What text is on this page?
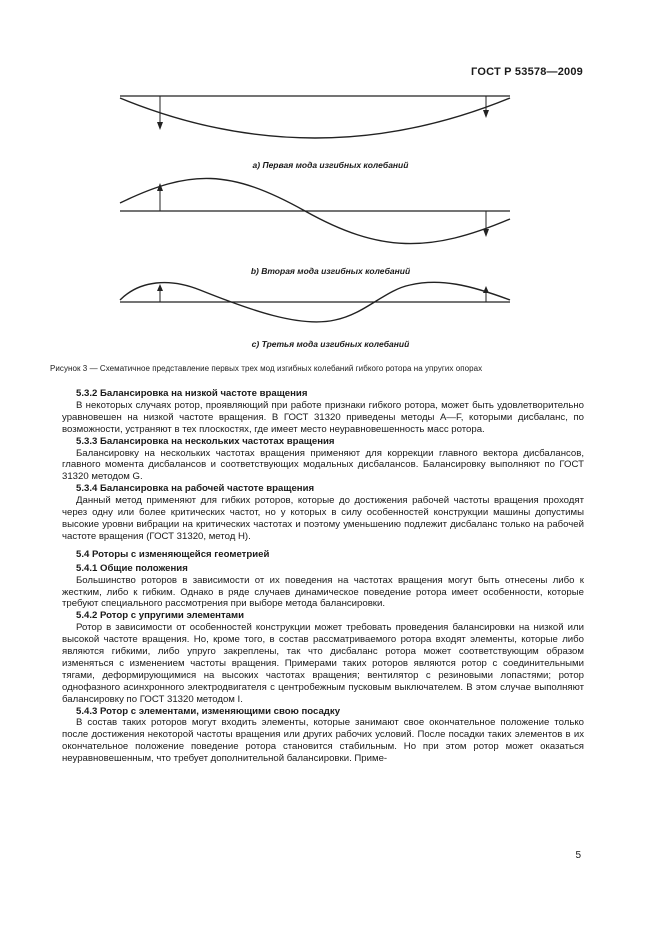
ГОСТ Р 53578—2009
а) Первая мода изгибных колебаний
b) Вторая мода изгибных колебаний
с) Третья мода изгибных колебаний
Рисунок 3 — Схематичное представление первых трех мод изгибных колебаний гибкого ротора на упругих опорах
5.3.2 Балансировка на низкой частоте вращения

В некоторых случаях ротор, проявляющий при работе признаки гибкого ротора, может быть удовлетворительно уравновешен на низкой частоте вращения. В ГОСТ 31320 приведены методы А—F, которыми дисбаланс, по возможности, устраняют в тех плоскостях, где имеет место неуравновешенность масс ротора.

5.3.3 Балансировка на нескольких частотах вращения

Балансировку на нескольких частотах вращения применяют для коррекции главного вектора дисбалансов, главного момента дисбалансов и соответствующих модальных дисбалансов. Балансировку выполняют по ГОСТ 31320 методом G.

5.3.4 Балансировка на рабочей частоте вращения

Данный метод применяют для гибких роторов, которые до достижения рабочей частоты вращения проходят через одну или более критических частот, но у которых в силу особенностей конструкции машины допустимы высокие уровни вибрации на критических частотах и поэтому уменьшению подлежит дисбаланс только на рабочей частоте вращения (ГОСТ 31320, метод Н).

5.4 Роторы с изменяющейся геометрией
5.4.1 Общие положения

Большинство роторов в зависимости от их поведения на частотах вращения могут быть отнесены либо к жестким, либо к гибким. Однако в ряде случаев динамическое поведение ротора имеет особенности, которые требуют специального рассмотрения при выборе метода балансировки.

5.4.2 Ротор с упругими элементами

Ротор в зависимости от особенностей конструкции может требовать проведения балансировки на низкой или высокой частоте вращения. Но, кроме того, в состав рассматриваемого ротора входят элементы, которые либо являются гибкими, либо упруго закреплены, так что дисбаланс ротора может соответствующим образом изменяться с изменением частоты вращения. Примерами таких роторов являются ротор с соединительными тягами, деформирующимися на высоких частотах вращения; вентилятор с резиновыми лопастями; ротор однофазного асинхронного электродвигателя с центробежным пусковым выключателем. В этом случае выполняют балансировку по ГОСТ 31320 методом I.

5.4.3 Ротор с элементами, изменяющими свою посадку

В состав таких роторов могут входить элементы, которые занимают свое окончательное положение только после достижения некоторой частоты вращения или других рабочих условий. После посадки таких элементов в их окончательное положение поведение ротора становится стабильным. Но при этом ротор может оказаться неуравновешенным, что требует дополнительной балансировки. Приме-

5
